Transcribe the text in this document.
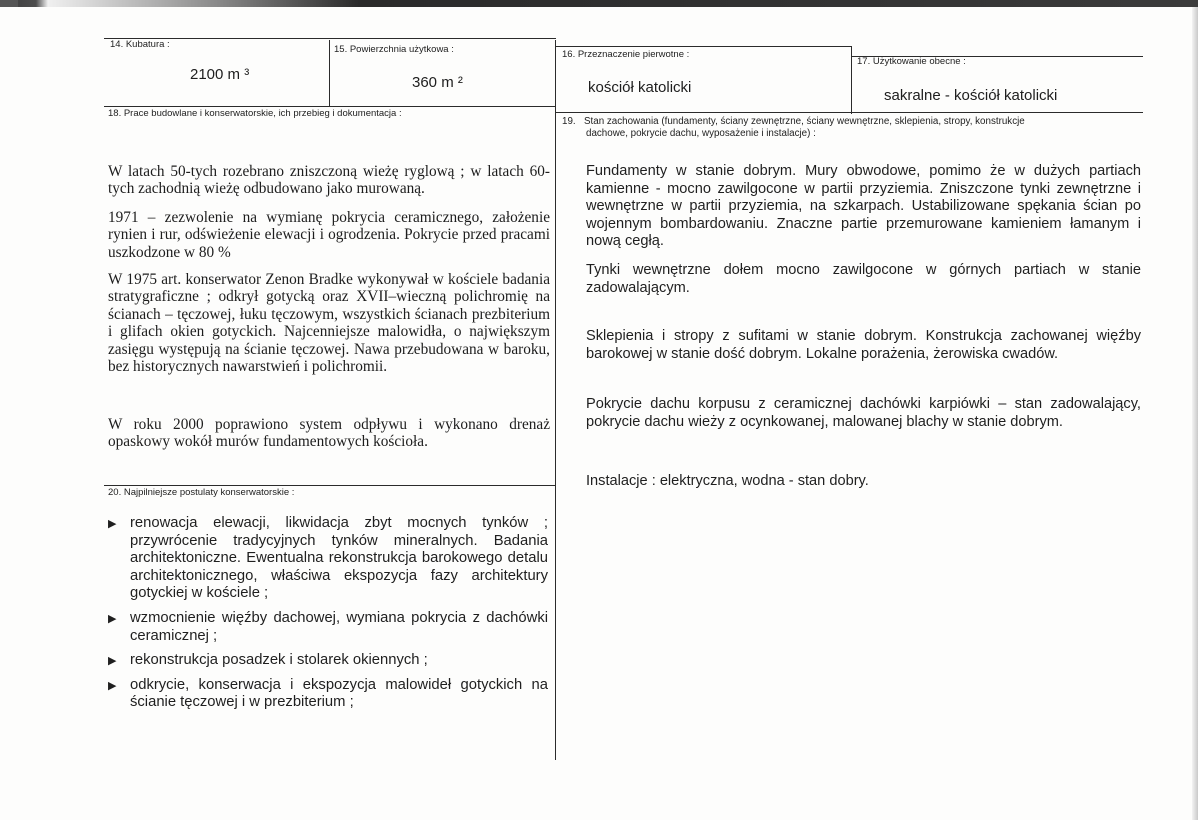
14. Kubatura :
2100 m ³
15. Powierzchnia użytkowa :
360 m ²
16. Przeznaczenie pierwotne :
kościół katolicki
17. Użytkowanie obecne :
sakralne - kościół katolicki
18. Prace budowlane i konserwatorskie, ich przebieg i dokumentacja :
W latach 50-tych rozebrano zniszczoną wieżę ryglową ; w latach 60-tych zachodnią wieżę odbudowano jako murowaną.
1971 – zezwolenie na wymianę pokrycia ceramicznego, założenie rynien i rur, odświeżenie elewacji i ogrodzenia. Pokrycie przed pracami uszkodzone w 80 %
W 1975 art. konserwator Zenon Bradke wykonywał w kościele badania stratygraficzne ; odkrył gotycką oraz XVII–wieczną polichromię na ścianach – tęczowej, łuku tęczowym, wszystkich ścianach prezbiterium i glifach okien gotyckich. Najcenniejsze malowidła, o największym zasięgu występują na ścianie tęczowej. Nawa przebudowana w baroku, bez historycznych nawarstwień i polichromii.
W roku 2000 poprawiono system odpływu i wykonano drenaż opaskowy wokół murów fundamentowych kościoła.
19. Stan zachowania (fundamenty, ściany zewnętrzne, ściany wewnętrzne, sklepienia, stropy, konstrukcje
dachowe, pokrycie dachu, wyposażenie i instalacje) :
Fundamenty w stanie dobrym. Mury obwodowe, pomimo że w dużych partiach kamienne - mocno zawilgocone w partii przyziemia. Zniszczone tynki zewnętrzne i wewnętrzne w partii przyziemia, na szkarpach. Ustabilizowane spękania ścian po wojennym bombardowaniu. Znaczne partie przemurowane kamieniem łamanym i nową cegłą.
Tynki wewnętrzne dołem mocno zawilgocone w górnych partiach w stanie zadowalającym.
Sklepienia i stropy z sufitami w stanie dobrym. Konstrukcja zachowanej więźby barokowej w stanie dość dobrym. Lokalne porażenia, żerowiska cwadów.
Pokrycie dachu korpusu z ceramicznej dachówki karpiówki – stan zadowalający, pokrycie dachu wieży z ocynkowanej, malowanej blachy w stanie dobrym.
Instalacje : elektryczna, wodna - stan dobry.
20. Najpilniejsze postulaty konserwatorskie :
▶ renowacja elewacji, likwidacja zbyt mocnych tynków ; przywrócenie tradycyjnych tynków mineralnych. Badania architektoniczne. Ewentualna rekonstrukcja barokowego detalu architektonicznego, właściwa ekspozycja fazy architektury gotyckiej w kościele ;
▶ wzmocnienie więźby dachowej, wymiana pokrycia z dachówki ceramicznej ;
▶ rekonstrukcja posadzek i stolarek okiennych ;
▶ odkrycie, konserwacja i ekspozycja malowideł gotyckich na ścianie tęczowej i w prezbiterium ;
